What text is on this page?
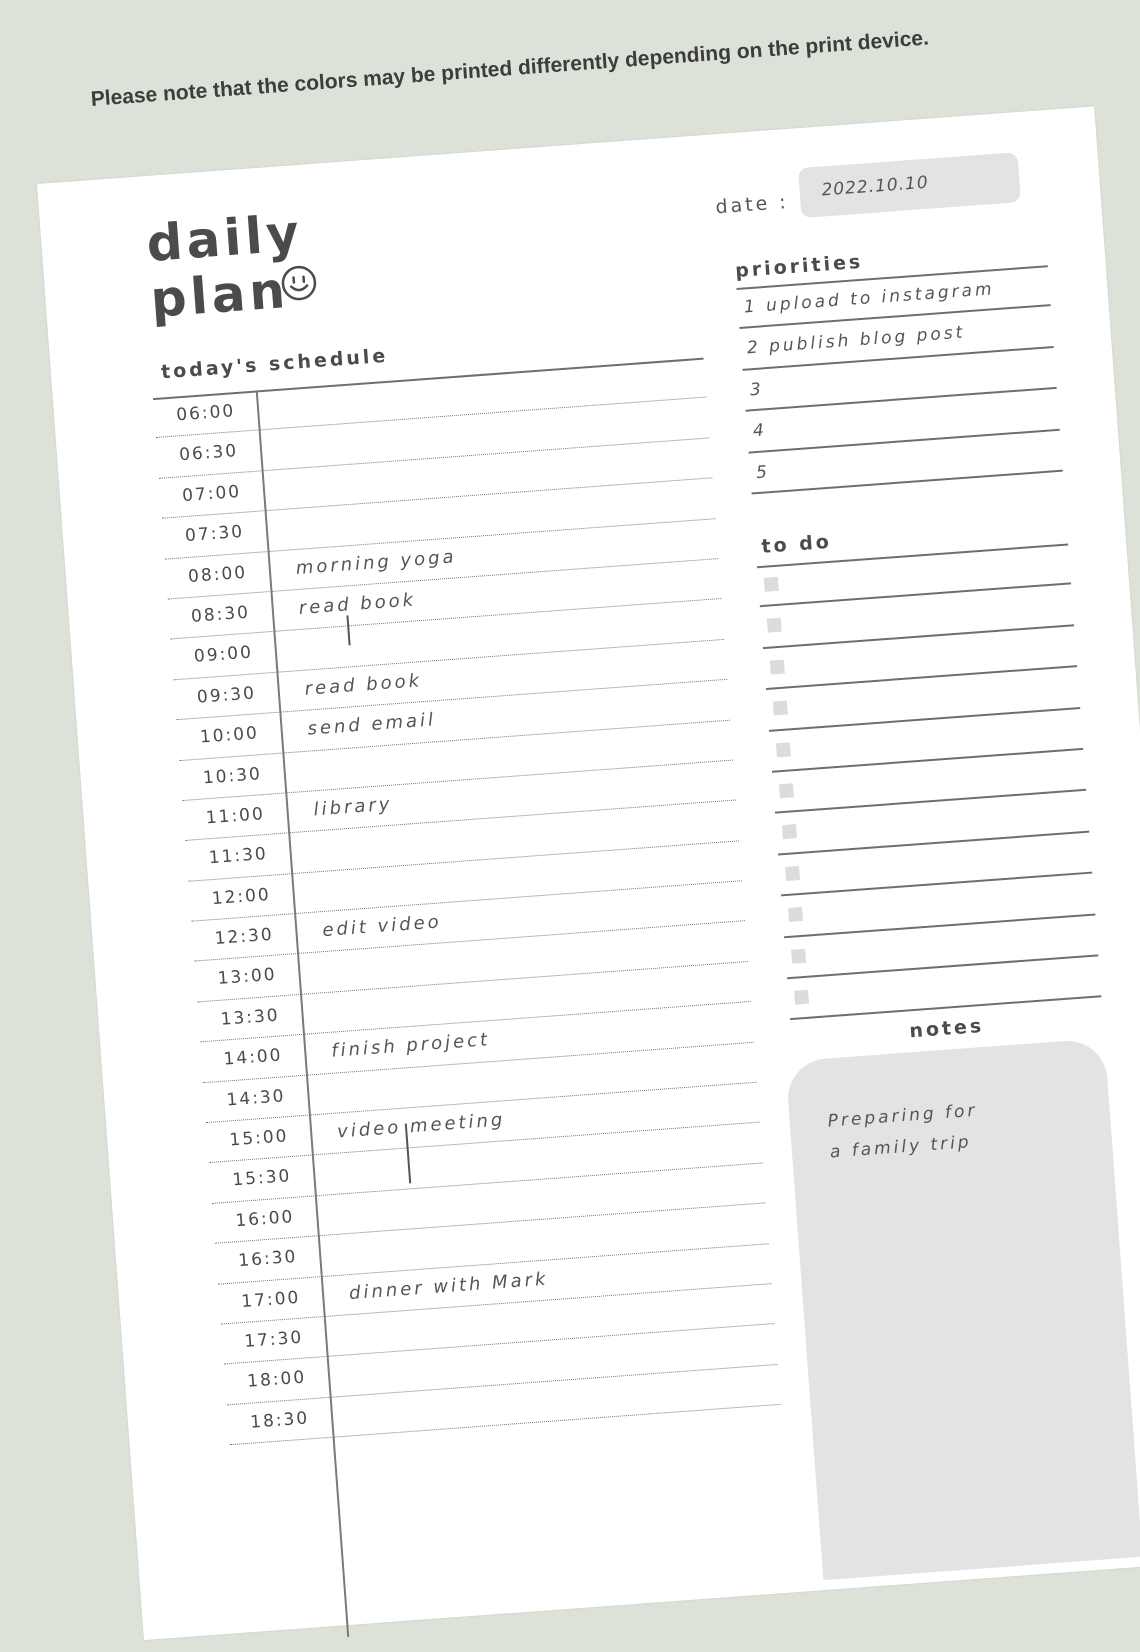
Please note that the colors may be printed differently depending on the print device.
daily
plan
date :
2022.10.10
today's schedule
06:00
06:30
07:00
07:30
08:00	morning yoga
08:30	read book
09:00
09:30	read book
10:00	send email
10:30
11:00	library
11:30
12:00
12:30	edit video
13:00
13:30
14:00	finish project
14:30
15:00	video meeting
15:30
16:00
16:30
17:00	dinner with Mark
17:30
18:00
18:30
priorities
1 upload to instagram
2 publish blog post
3
4
5
to do
notes
Preparing for
a family trip
